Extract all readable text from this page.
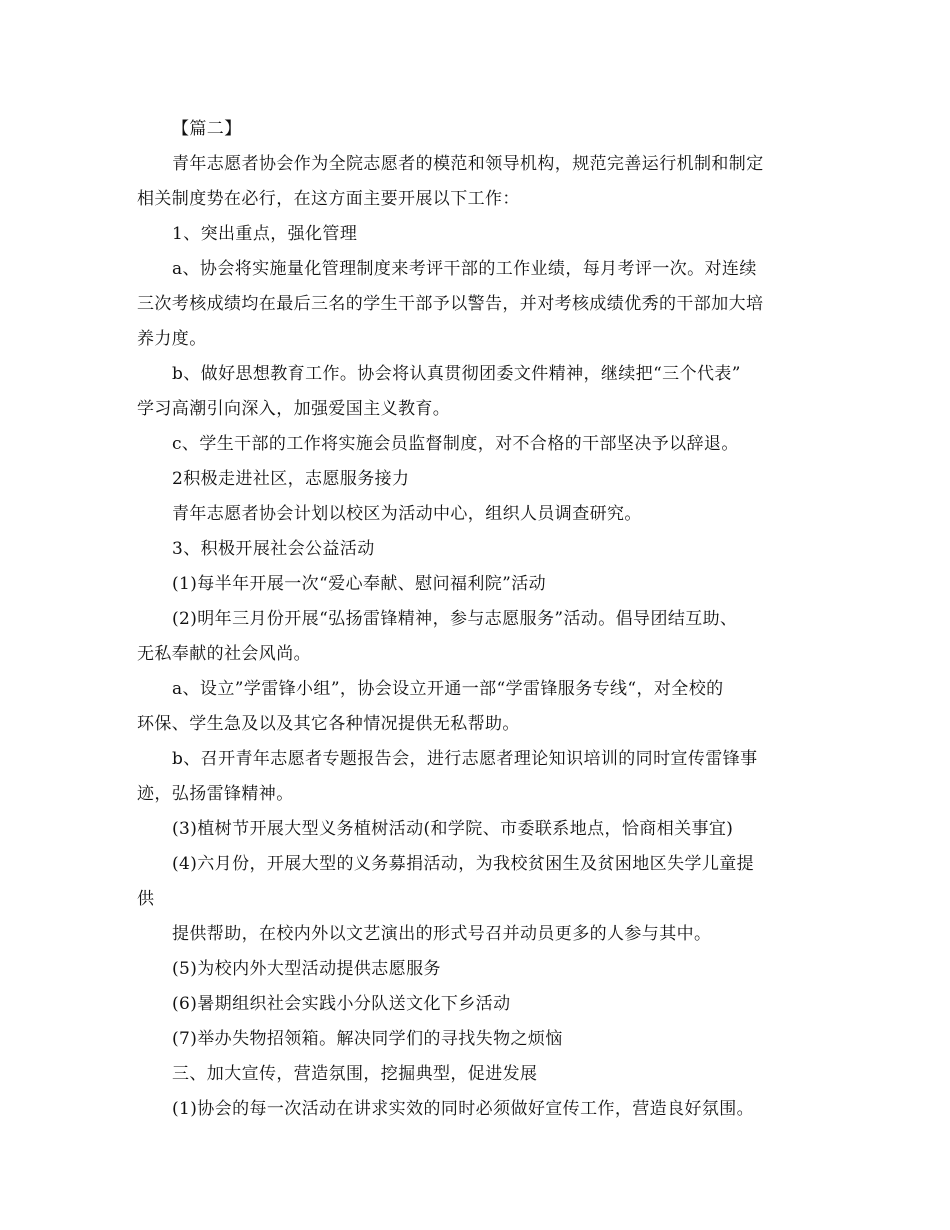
【篇二】
青年志愿者协会作为全院志愿者的模范和领导机构，规范完善运行机制和制定
相关制度势在必行，在这方面主要开展以下工作：
1、突出重点，强化管理
a、协会将实施量化管理制度来考评干部的工作业绩，每月考评一次。对连续
三次考核成绩均在最后三名的学生干部予以警告，并对考核成绩优秀的干部加大培
养力度。
b、做好思想教育工作。协会将认真贯彻团委文件精神，继续把“三个代表”
学习高潮引向深入，加强爱国主义教育。
c、学生干部的工作将实施会员监督制度，对不合格的干部坚决予以辞退。
2积极走进社区，志愿服务接力
青年志愿者协会计划以校区为活动中心，组织人员调查研究。
3、积极开展社会公益活动
(1)每半年开展一次“爱心奉献、慰问福利院”活动
(2)明年三月份开展“弘扬雷锋精神，参与志愿服务”活动。倡导团结互助、
无私奉献的社会风尚。
a、设立”学雷锋小组”，协会设立开通一部“学雷锋服务专线“，对全校的
环保、学生急及以及其它各种情况提供无私帮助。
b、召开青年志愿者专题报告会，进行志愿者理论知识培训的同时宣传雷锋事
迹，弘扬雷锋精神。
(3)植树节开展大型义务植树活动(和学院、市委联系地点，恰商相关事宜)
(4)六月份，开展大型的义务募捐活动，为我校贫困生及贫困地区失学儿童提
供
提供帮助，在校内外以文艺演出的形式号召并动员更多的人参与其中。
(5)为校内外大型活动提供志愿服务
(6)暑期组织社会实践小分队送文化下乡活动
(7)举办失物招领箱。解决同学们的寻找失物之烦恼
三、加大宣传，营造氛围，挖掘典型，促进发展
(1)协会的每一次活动在讲求实效的同时必须做好宣传工作，营造良好氛围。
